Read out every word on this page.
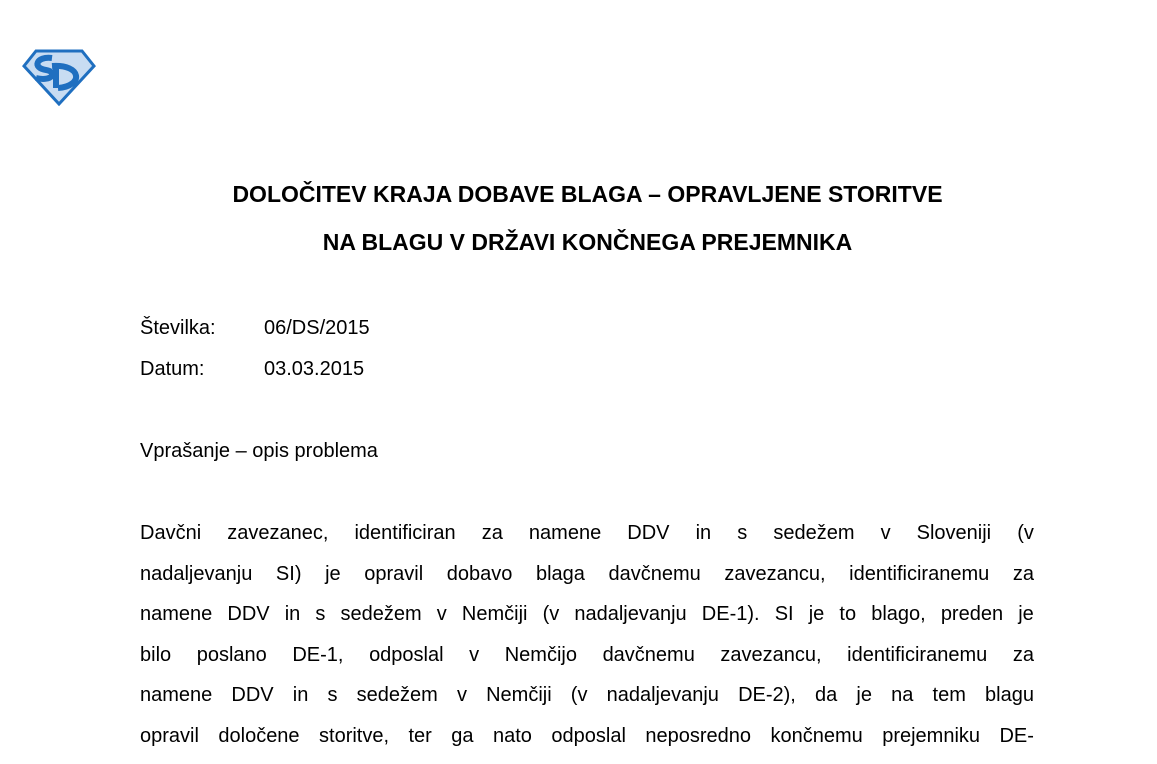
DOLOČITEV KRAJA DOBAVE BLAGA – OPRAVLJENE STORITVE
NA BLAGU V DRŽAVI KONČNEGA PREJEMNIKA
Številka: 06/DS/2015
Datum:	03.03.2015
Vprašanje – opis problema
Davčni zavezanec, identificiran za namene DDV in s sedežem v Sloveniji (v
nadaljevanju SI) je opravil dobavo blaga davčnemu zavezancu, identificiranemu za
namene DDV in s sedežem v Nemčiji (v nadaljevanju DE-1). SI je to blago, preden je
bilo poslano DE-1, odposlal v Nemčijo davčnemu zavezancu, identificiranemu za
namene DDV in s sedežem v Nemčiji (v nadaljevanju DE-2), da je na tem blagu
opravil določene storitve, ter ga nato odposlal neposredno končnemu prejemniku DE-
